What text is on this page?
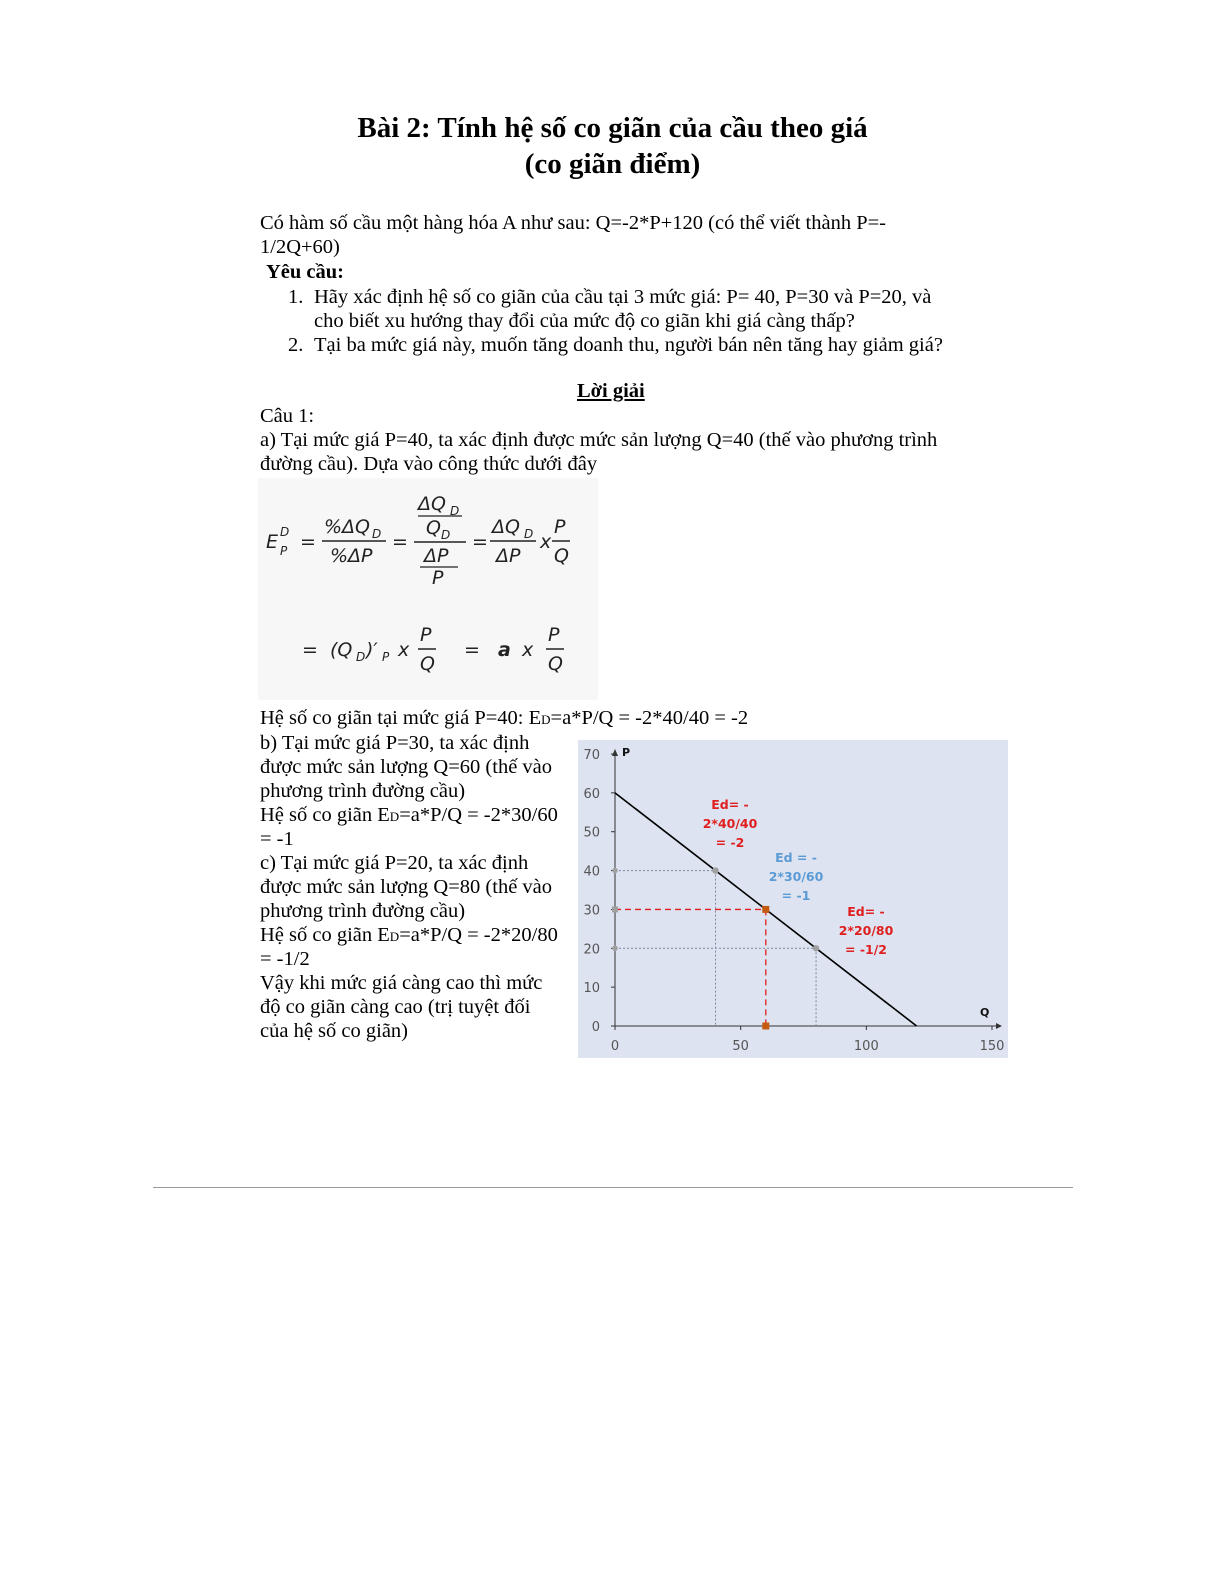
Bài 2: Tính hệ số co giãn của cầu theo giá
(co giãn điểm)
Có hàm số cầu một hàng hóa A như sau: Q=-2*P+120 (có thể viết thành P=-
1/2Q+60)
Yêu cầu:
1. Hãy xác định hệ số co giãn của cầu tại 3 mức giá: P= 40, P=30 và P=20, và
cho biết xu hướng thay đổi của mức độ co giãn khi giá càng thấp?
2. Tại ba mức giá này, muốn tăng doanh thu, người bán nên tăng hay giảm giá?
Lời giải
Câu 1:
a) Tại mức giá P=40, ta xác định được mức sản lượng Q=40 (thế vào phương trình
đường cầu). Dựa vào công thức dưới đây
E D
P =
%ΔQ D
%ΔP
=
ΔQ D
Q D
ΔP
P
=
ΔQ D
ΔP
x
P
Q
= (Q D )′ P x
P
Q
= a x
P
Q
Hệ số co giãn tại mức giá P=40: ED=a*P/Q = -2*40/40 = -2
b) Tại mức giá P=30, ta xác định
được mức sản lượng Q=60 (thế vào
phương trình đường cầu)
Hệ số co giãn ED=a*P/Q = -2*30/60
= -1
c) Tại mức giá P=20, ta xác định
được mức sản lượng Q=80 (thế vào
phương trình đường cầu)
Hệ số co giãn ED=a*P/Q = -2*20/80
= -1/2
Vậy khi mức giá càng cao thì mức
độ co giãn càng cao (trị tuyệt đối
của hệ số co giãn)	0
10
20
30
40
50
60
70
0	50	100	150
P
Q
Ed= -
2*40/40
= -2
Ed = -
2*30/60
= -1
Ed= -
2*20/80
= -1/2
